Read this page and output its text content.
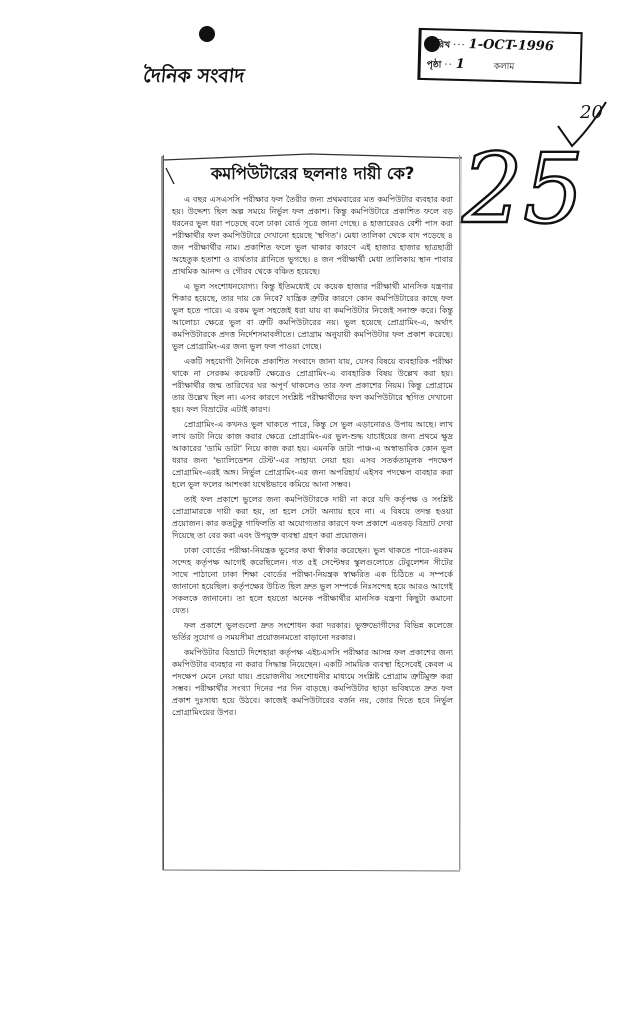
দৈনিক সংবাদ
তারিখ ··· 1-OCT-1996
পৃষ্ঠা ·· 1	কলাম
20
25
কমপিউটারের ছলনাঃ দায়ী কে?

এ বছর এসএসসি পরীক্ষার ফল তৈরীর জন্য প্রথমবারের মত কমপিউটার ব্যবহার করা হয়। উদ্দেশ্য ছিল অল্প সময়ে নির্ভুল ফল প্রকাশ। কিন্তু কমপিউটারে প্রকাশিত ফলে বড় ধরনের ভুল ধরা পড়েছে বলে ঢাকা বোর্ড সূত্রে জানা গেছে। ৪ হাজারেরও বেশী পাস করা পরীক্ষার্থীর ফল কমপিউটারে দেখানো হয়েছে 'স্থগিত'। মেধা তালিকা থেকে বাদ পড়েছে ৪ জন পরীক্ষার্থীর নাম। প্রকাশিত ফলে ভুল থাকার কারণে এই হাজার হাজার ছাত্রছাত্রী অহেতুক হতাশা ও ব্যর্থতার গ্লানিতে ভুগছে। ৪ জন পরীক্ষার্থী মেধা তালিকায় স্থান পাবার প্রাথমিক আনন্দ ও গৌরব থেকে বঞ্চিত হয়েছে।

এ ভুল সংশোধনযোগ্য। কিন্তু ইতিমধ্যেই যে কয়েক হাজার পরীক্ষার্থী মানসিক যন্ত্রণার শিকার হয়েছে, তার দায় কে নিবে? যান্ত্রিক ত্রুটির কারণে কোন কমপিউটারের কাছে ফল ভুল হতে পারে। এ রকম ভুল সহজেই ধরা যায় বা কমপিউটার নিজেই সনাক্ত করে। কিন্তু আলোচ্য ক্ষেত্রে ভুল বা ত্রুটি কমপিউটারের নয়। ভুল হয়েছে প্রোগ্রামিং-এ, অর্থাৎ কমপিউটারকে প্রদত্ত নির্দেশসমাবলীতে। প্রোগ্রাম অনুযায়ী কমপিউটার ফল প্রকাশ করেছে। ভুল প্রোগ্রামিং-এর জন্য ভুল ফল পাওয়া গেছে।

একটি সহযোগী দৈনিকে প্রকাশিত সংবাদে জানা যায়, যেসব বিষয়ে ব্যবহারিক পরীক্ষা থাকে না সেরকম কয়েকটি ক্ষেত্রেও প্রোগ্রামিং-এ ব্যবহারিক বিষয় উল্লেখ করা হয়। পরীক্ষার্থীর জন্ম তারিখের ঘর অপূর্ণ থাকলেও তার ফল প্রকাশের নিয়ম। কিন্তু প্রোগ্রামে তার উল্লেখ ছিল না। এসব কারণে সংশ্লিষ্ট পরীক্ষার্থীদের ফল কমপিউটারে স্থগিত দেখানো হয়। ফল বিভ্রাটের এটাই কারণ।

প্রোগ্রামিং-এ কখনও ভুল থাকতে পারে, কিন্তু সে ভুল এড়ানোরও উপায় আছে। লাখ লাখ ডাটা নিয়ে কাজ করার ক্ষেত্রে প্রোগ্রামিং-এর ভুল-শুদ্ধ যাচাইয়ের জন্য প্রথমে ক্ষুদ্র আকারের 'ডামি ডাটা' নিয়ে কাজ করা হয়। এমনকি ডাটা পাঞ্চ-এ অস্বাভাবিক কোন ভুল ধরার জন্য 'ভ্যালিডেশন টেস্ট'-এর সাহায্য নেয়া হয়। এসব সতর্কতামূলক পদক্ষেপ প্রোগ্রামিং-এরই অঙ্গ। নির্ভুল প্রোগ্রামিং-এর জন্য অপরিহার্য এইসব পদক্ষেপ ব্যবহার করা হলে ভুল ফলের আশংকা যথেষ্টভাবে কমিয়ে আনা সম্ভব।

তাই ফল প্রকাশে ভুলের জন্য কমপিউটারকে দায়ী না করে যদি কর্তৃপক্ষ ও সংশ্লিষ্ট প্রোগ্রামারকে দায়ী করা হয়, তা হলে সেটা অন্যায় হবে না। এ বিষয়ে তদন্ত হওয়া প্রয়োজন। কার কতটুকু গাফিলতি বা অযোগ্যতার কারণে ফল প্রকাশে এতবড় বিভ্রাট দেখা দিয়েছে তা বের করা এবং উপযুক্ত ব্যবস্থা গ্রহণ করা প্রয়োজন।

ঢাকা বোর্ডের পরীক্ষা-নিয়ন্ত্রক ভুলের কথা স্বীকার করেছেন। ভুল থাকতে পারে-এরকম সন্দেহ কর্তৃপক্ষ আগেই করেছিলেন। গত ৫ই সেপ্টেম্বর স্কুলগুলোতে টেবুলেশন সীটের সাথে পাঠানো ঢাকা শিক্ষা বোর্ডের পরীক্ষা-নিয়ন্ত্রক স্বাক্ষরিত এক চিঠিতে এ সম্পর্কে জানানো হয়েছিল। কর্তৃপক্ষের উচিত ছিল দ্রুত ভুল সম্পর্কে নিঃসন্দেহ হয়ে আরও আগেই সকলকে জানানো। তা হলে হয়তো অনেক পরীক্ষার্থীর মানসিক যন্ত্রণা কিছুটা কমানো যেত।

ফল প্রকাশে ভুলগুলো দ্রুত সংশোধন করা দরকার। ভুক্তভোগীদের বিভিন্ন কলেজে ভর্তির সুযোগ ও সময়সীমা প্রয়োজনমতো বাড়ানো দরকার।

কমপিউটার বিভ্রাটে দিশেহারা কর্তৃপক্ষ এইচএসসি পরীক্ষার আসন্ন ফল প্রকাশের জন্য কমপিউটার ব্যবহার না করার সিদ্ধান্ত নিয়েছেন। একটি সাময়িক ব্যবস্থা হিসেবেই কেবল এ পদক্ষেপ মেনে নেয়া যায়। প্রয়োজনীয় সংশোধনীর মাধ্যমে সংশ্লিষ্ট প্রোগ্রাম ত্রুটিমুক্ত করা সম্ভব। পরীক্ষার্থীর সংখ্যা দিনের পর দিন বাড়ছে। কমপিউটার ছাড়া ভবিষ্যতে দ্রুত ফল প্রকাশ দুঃসাধ্য হয়ে উঠবে। কাজেই কমপিউটারের বর্জন নয়, জোর দিতে হবে নির্ভুল প্রোগ্রামিংয়ের উপর।
